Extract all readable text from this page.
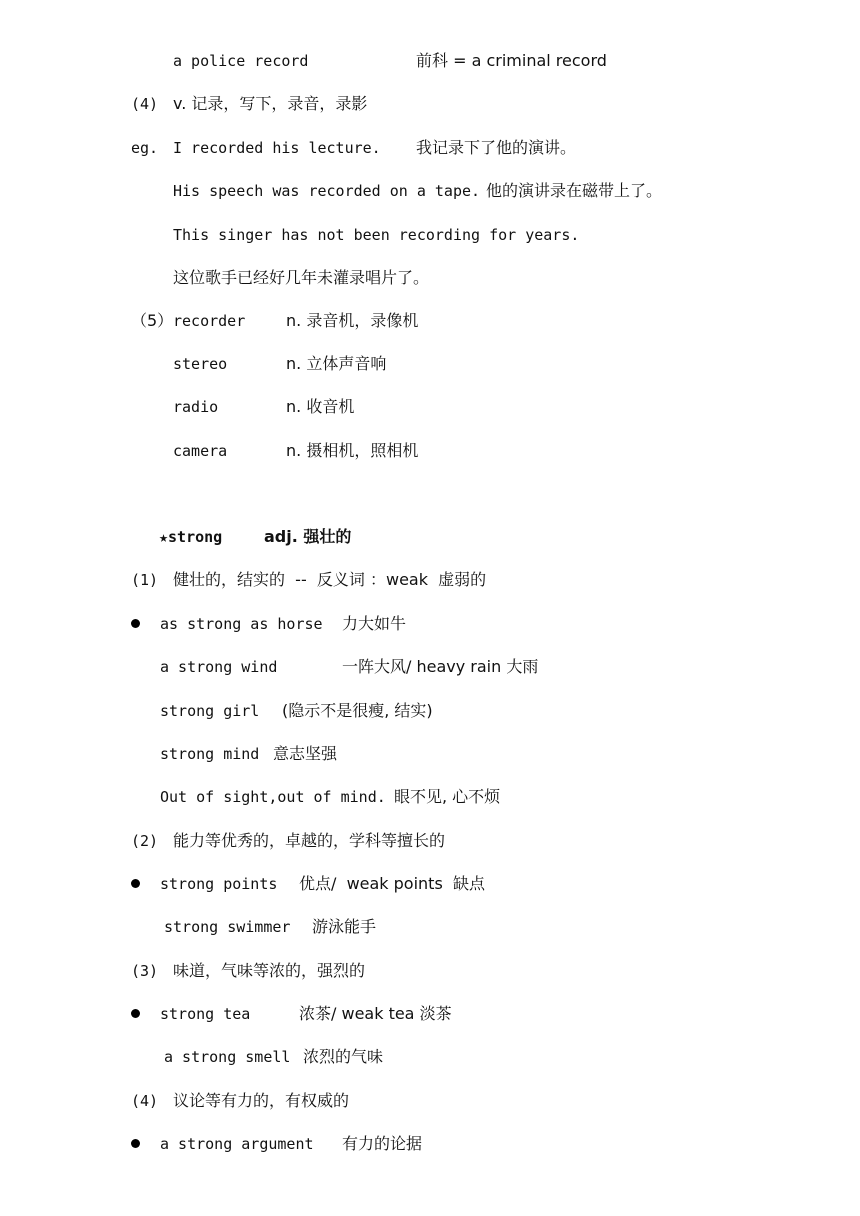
a police record	前科 = a criminal record
(4) v. 记录，写下，录音，录影
eg. I recorded his lecture. 我记录下了他的演讲。
His speech was recorded on a tape. 他的演讲录在磁带上了。
This singer has not been recording for years.
这位歌手已经好几年未灌录唱片了。
（5） recorder	n. 录音机，录像机
stereo	n. 立体声音响
radio	n. 收音机
camera	n. 摄相机，照相机
★strong	adj. 强壮的
(1) 健壮的，结实的  --  反义词 ：weak  虚弱的
as strong as horse 力大如牛
a strong wind	一阵大风/ heavy rain 大雨
strong girl (隐示不是很瘦, 结实)
strong mind 意志坚强
Out of sight,out of mind. 眼不见, 心不烦
(2) 能力等优秀的，卓越的，学科等擅长的
strong points 优点/  weak points  缺点
strong swimmer 游泳能手
(3) 味道，气味等浓的，强烈的
strong tea	浓茶/ weak tea 淡茶
a strong smell 浓烈的气味
(4) 议论等有力的，有权威的
a strong argument 有力的论据
